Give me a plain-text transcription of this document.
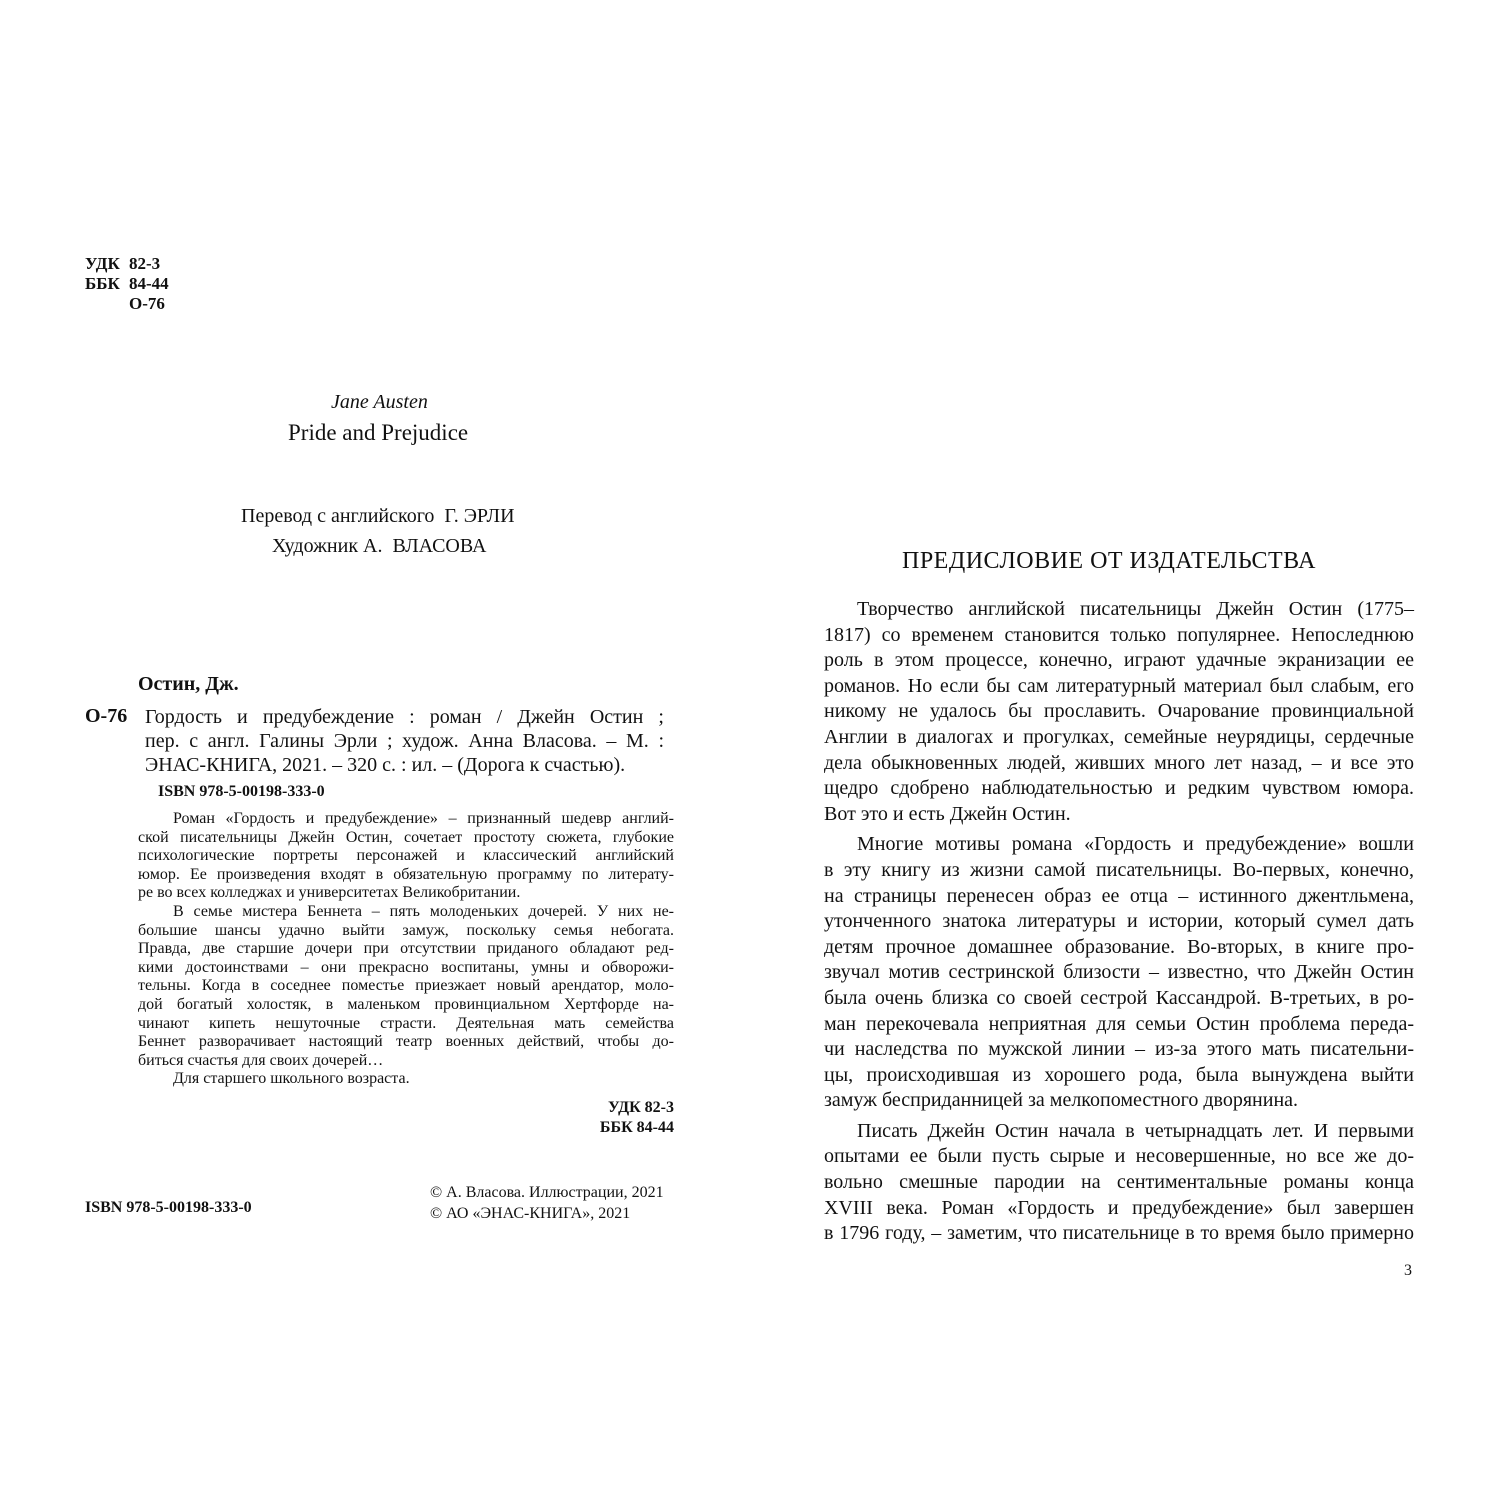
УДК 82-3
ББК 84-44
О-76
Jane Austen
Pride and Prejudice
Перевод с английского  Г. ЭРЛИ
Художник А.  ВЛАСОВА
Остин, Дж.
О-76 Гордость и предубеждение : роман / Джейн Остин ;
пер. с англ. Галины Эрли ; худож. Анна Власова. – М. :
ЭНАС-КНИГА, 2021. – 320 с. : ил. – (Дорога к счастью).
ISBN 978-5-00198-333-0
Роман «Гордость и предубеждение» – признанный шедевр англий-
ской писательницы Джейн Остин, сочетает простоту сюжета, глубокие
психологические портреты персонажей и классический английский
юмор. Ее произведения входят в обязательную программу по литерату-
ре во всех колледжах и университетах Великобритании.
В семье мистера Беннета – пять молоденьких дочерей. У них не-
большие шансы удачно выйти замуж, поскольку семья небогата.
Правда, две старшие дочери при отсутствии приданого обладают ред-
кими достоинствами – они прекрасно воспитаны, умны и обворожи-
тельны. Когда в соседнее поместье приезжает новый арендатор, моло-
дой богатый холостяк, в маленьком провинциальном Хертфорде на-
чинают кипеть нешуточные страсти. Деятельная мать семейства
Беннет разворачивает настоящий театр военных действий, чтобы до-
биться счастья для своих дочерей…
Для старшего школьного возраста.
УДК 82-3
ББК 84-44
© А. Власова. Иллюстрации, 2021
© АО «ЭНАС-КНИГА», 2021
ISBN 978-5-00198-333-0
ПРЕДИСЛОВИЕ ОТ ИЗДАТЕЛЬСТВА
Творчество английской писательницы Джейн Остин (1775–
1817) со временем становится только популярнее. Непоследнюю
роль в этом процессе, конечно, играют удачные экранизации ее
романов. Но если бы сам литературный материал был слабым, его
никому не удалось бы прославить. Очарование провинциальной
Англии в диалогах и прогулках, семейные неурядицы, сердечные
дела обыкновенных людей, живших много лет назад, – и все это
щедро сдобрено наблюдательностью и редким чувством юмора.
Вот это и есть Джейн Остин.
Многие мотивы романа «Гордость и предубеждение» вошли
в эту книгу из жизни самой писательницы. Во-первых, конечно,
на страницы перенесен образ ее отца – истинного джентльмена,
утонченного знатока литературы и истории, который сумел дать
детям прочное домашнее образование. Во-вторых, в книге про-
звучал мотив сестринской близости – известно, что Джейн Остин
была очень близка со своей сестрой Кассандрой. В-третьих, в ро-
ман перекочевала неприятная для семьи Остин проблема переда-
чи наследства по мужской линии – из-за этого мать писательни-
цы, происходившая из хорошего рода, была вынуждена выйти
замуж бесприданницей за мелкопоместного дворянина.
Писать Джейн Остин начала в четырнадцать лет. И первыми
опытами ее были пусть сырые и несовершенные, но все же до-
вольно смешные пародии на сентиментальные романы конца
XVIII века. Роман «Гордость и предубеждение» был завершен
в 1796 году, – заметим, что писательнице в то время было примерно
3
